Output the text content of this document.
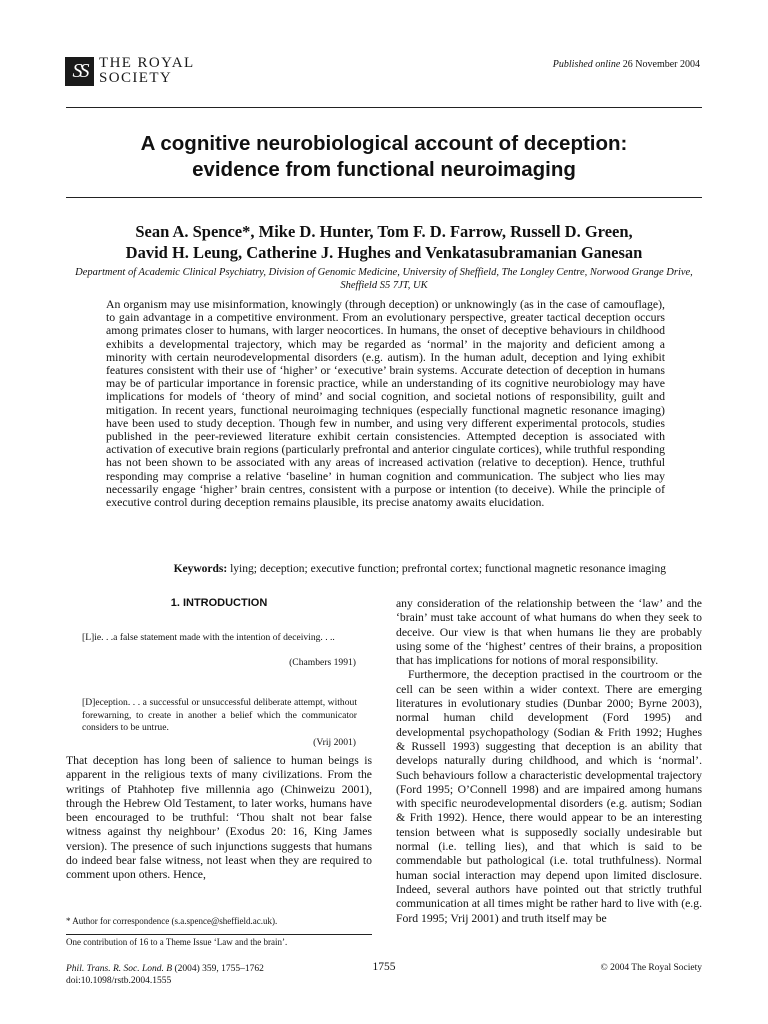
SS THE ROYAL
SOCIETY
Published online 26 November 2004
A cognitive neurobiological account of deception:
evidence from functional neuroimaging
Sean A. Spence*, Mike D. Hunter, Tom F. D. Farrow, Russell D. Green,
David H. Leung, Catherine J. Hughes and Venkatasubramanian Ganesan
Department of Academic Clinical Psychiatry, Division of Genomic Medicine, University of Sheffield, The Longley Centre, Norwood Grange Drive, Sheffield S5 7JT, UK
An organism may use misinformation, knowingly (through deception) or unknowingly (as in the case of camouflage), to gain advantage in a competitive environment. From an evolutionary perspective, greater tactical deception occurs among primates closer to humans, with larger neocortices. In humans, the onset of deceptive behaviours in childhood exhibits a developmental trajectory, which may be regarded as ‘normal’ in the majority and deficient among a minority with certain neurodevelopmental disorders (e.g. autism). In the human adult, deception and lying exhibit features consistent with their use of ‘higher’ or ‘executive’ brain systems. Accurate detection of deception in humans may be of particular importance in forensic practice, while an understanding of its cognitive neurobiology may have implications for models of ‘theory of mind’ and social cognition, and societal notions of responsibility, guilt and mitigation. In recent years, functional neuroimaging techniques (especially functional magnetic resonance imaging) have been used to study deception. Though few in number, and using very different experimental protocols, studies published in the peer-reviewed literature exhibit certain consistencies. Attempted deception is associated with activation of executive brain regions (particularly prefrontal and anterior cingulate cortices), while truthful responding has not been shown to be associated with any areas of increased activation (relative to deception). Hence, truthful responding may comprise a relative ‘baseline’ in human cognition and communication. The subject who lies may necessarily engage ‘higher’ brain centres, consistent with a purpose or intention (to deceive). While the principle of executive control during deception remains plausible, its precise anatomy awaits elucidation.
Keywords: lying; deception; executive function; prefrontal cortex; functional magnetic resonance imaging
1. INTRODUCTION
[L]ie. . .a false statement made with the intention of deceiving. . ..
(Chambers 1991)
[D]eception. . . a successful or unsuccessful deliberate attempt, without forewarning, to create in another a belief which the communicator considers to be untrue.
(Vrij 2001)

That deception has long been of salience to human beings is apparent in the religious texts of many civilizations. From the writings of Ptahhotep five millennia ago (Chinweizu 2001), through the Hebrew Old Testament, to later works, humans have been encouraged to be truthful: ‘Thou shalt not bear false witness against thy neighbour’ (Exodus 20: 16, King James version). The presence of such injunctions suggests that humans do indeed bear false witness, not least when they are required to comment upon others. Hence,

any consideration of the relationship between the ‘law’ and the ‘brain’ must take account of what humans do when they seek to deceive. Our view is that when humans lie they are probably using some of the ‘highest’ centres of their brains, a proposition that has implications for notions of moral responsibility.

Furthermore, the deception practised in the courtroom or the cell can be seen within a wider context. There are emerging literatures in evolutionary studies (Dunbar 2000; Byrne 2003), normal human child development (Ford 1995) and developmental psychopathology (Sodian & Frith 1992; Hughes & Russell 1993) suggesting that deception is an ability that develops naturally during childhood, and which is ‘normal’. Such behaviours follow a characteristic developmental trajectory (Ford 1995; O’Connell 1998) and are impaired among humans with specific neurodevelopmental disorders (e.g. autism; Sodian & Frith 1992). Hence, there would appear to be an interesting tension between what is supposedly socially undesirable but normal (i.e. telling lies), and that which is said to be commendable but pathological (i.e. total truthfulness). Normal human social interaction may depend upon limited disclosure. Indeed, several authors have pointed out that strictly truthful communication at all times might be rather hard to live with (e.g. Ford 1995; Vrij 2001) and truth itself may be

* Author for correspondence (s.a.spence@sheffield.ac.uk).
One contribution of 16 to a Theme Issue ‘Law and the brain’.
Phil. Trans. R. Soc. Lond. B (2004) 359, 1755–1762
doi:10.1098/rstb.2004.1555
1755	© 2004 The Royal Society
